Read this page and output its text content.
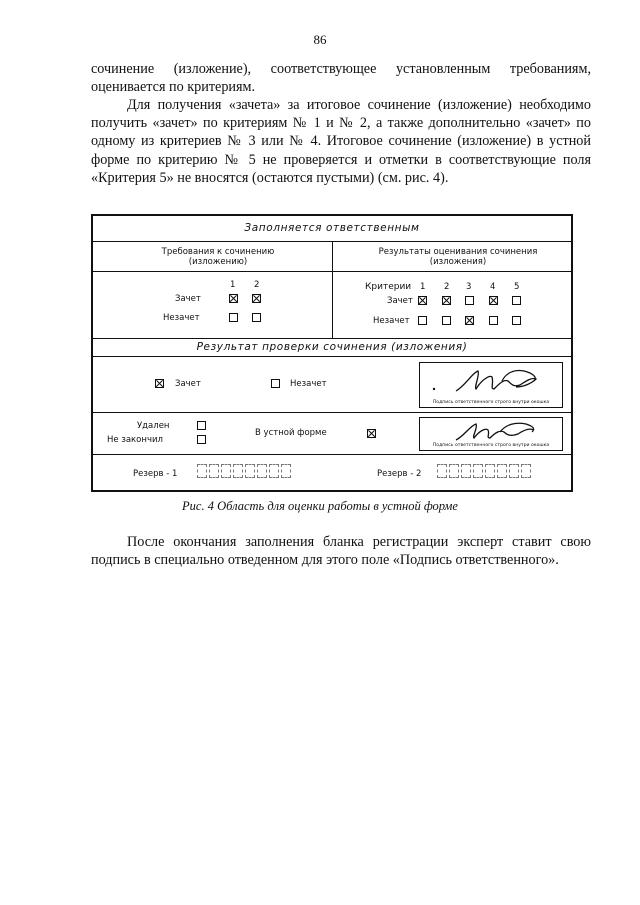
86

сочинение (изложение), соответствующее установленным требованиям, оценивается по критериям.

Для получения «зачета» за итоговое сочинение (изложение) необходимо получить «зачет» по критериям № 1 и № 2, а также дополнительно «зачет» по одному из критериев № 3 или № 4. Итоговое сочинение (изложение) в устной форме по критерию № 5 не проверяется и отметки в соответствующие поля «Критерия 5» не вносятся (остаются пустыми) (см. рис. 4).

Заполняется ответственным
Требования к сочинению (изложению)
Результаты оценивания сочинения (изложения)
1 2
Зачет
Незачет
Критерии 1 2 3 4 5
Зачет
Незачет
Результат проверки сочинения (изложения)
Зачет	Незачет
Подпись ответственного строго внутри окошка
Удален
Не закончил
В устной форме
Подпись ответственного строго внутри окошка
Резерв - 1	Резерв - 2
Рис. 4 Область для оценки работы в устной форме

После окончания заполнения бланка регистрации эксперт ставит свою подпись в специально отведенном для этого поле «Подпись ответственного».
